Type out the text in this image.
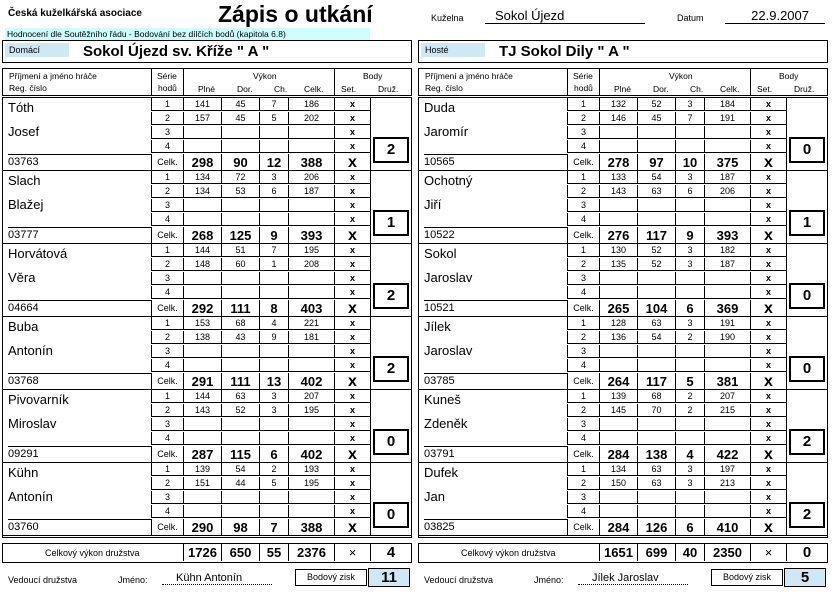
Česká kuželkářská asociace	Zápis o utkání
Hodnocení dle Soutěžního řádu - Bodování bez dílčích bodů (kapitola 6.8)
Kuželna	Sokol Újezd	Datum	22.9.2007
Domácí	Sokol Újezd sv. Kříže " A "
Příjmení a jméno hráče
Reg. číslo
Série
hodů
Výkon
Plné	Dor.	Ch. Celk.
Body
Set.	Druž.
Tóth
Josef
03763
1	141	45	7	186	x
2	157	45	5	202	x
3	x
4	x
Celk.	298	90	12	388	x
2
Slach
Blažej
03777
1	134	72	3	206	x
2	134	53	6	187	x
3	x
4	x
Celk.	268	125	9	393	x
1
Horvátová
Věra
04664
1	144	51	7	195	x
2	148	60	1	208	x
3	x
4	x
Celk.	292	111	8	403	x
2
Buba
Antonín
03768
1	153	68	4	221	x
2	138	43	9	181	x
3	x
4	x
Celk.	291	111	13	402	x
2
Pivovarník
Miroslav
09291
1	144	63	3	207	x
2	143	52	3	195	x
3	x
4	x
Celk.	287	115	6	402	x
0
Kühn
Antonín
03760
1	139	54	2	193	x
2	151	44	5	195	x
3	x
4	x
Celk.	290	98	7	388	x
0
Celkový výkon družstva	1726 650	55	2376	×	4
Vedoucí družstva	Jméno:	Kühn Antonín	Bodový zisk	11
Hosté	TJ Sokol Dily " A "
Příjmení a jméno hráče
Reg. číslo
Série
hodů
Výkon
Plné	Dor.	Ch. Celk.
Body
Set.	Druž.
Duda
Jaromír
10565
1	132	52	3	184	x
2	146	45	7	191	x
3	x
4	x
Celk.	278	97	10	375	x
0
Ochotný
Jiří
10522
1	133	54	3	187	x
2	143	63	6	206	x
3	x
4	x
Celk.	276	117	9	393	x
1
Sokol
Jaroslav
10521
1	130	52	3	182	x
2	135	52	3	187	x
3	x
4	x
Celk.	265	104	6	369	x
0
Jílek
Jaroslav
03785
1	128	63	3	191	x
2	136	54	2	190	x
3	x
4	x
Celk.	264	117	5	381	x
0
Kuneš
Zdeněk
03791
1	139	68	2	207	x
2	145	70	2	215	x
3	x
4	x
Celk.	284	138	4	422	x
2
Dufek
Jan
03825
1	134	63	3	197	x
2	150	63	3	213	x
3	x
4	x
Celk.	284	126	6	410	x
2
Celkový výkon družstva	1651 699	40	2350	×	0
Vedoucí družstva	Jméno:	Jílek Jaroslav	Bodový zisk	5
